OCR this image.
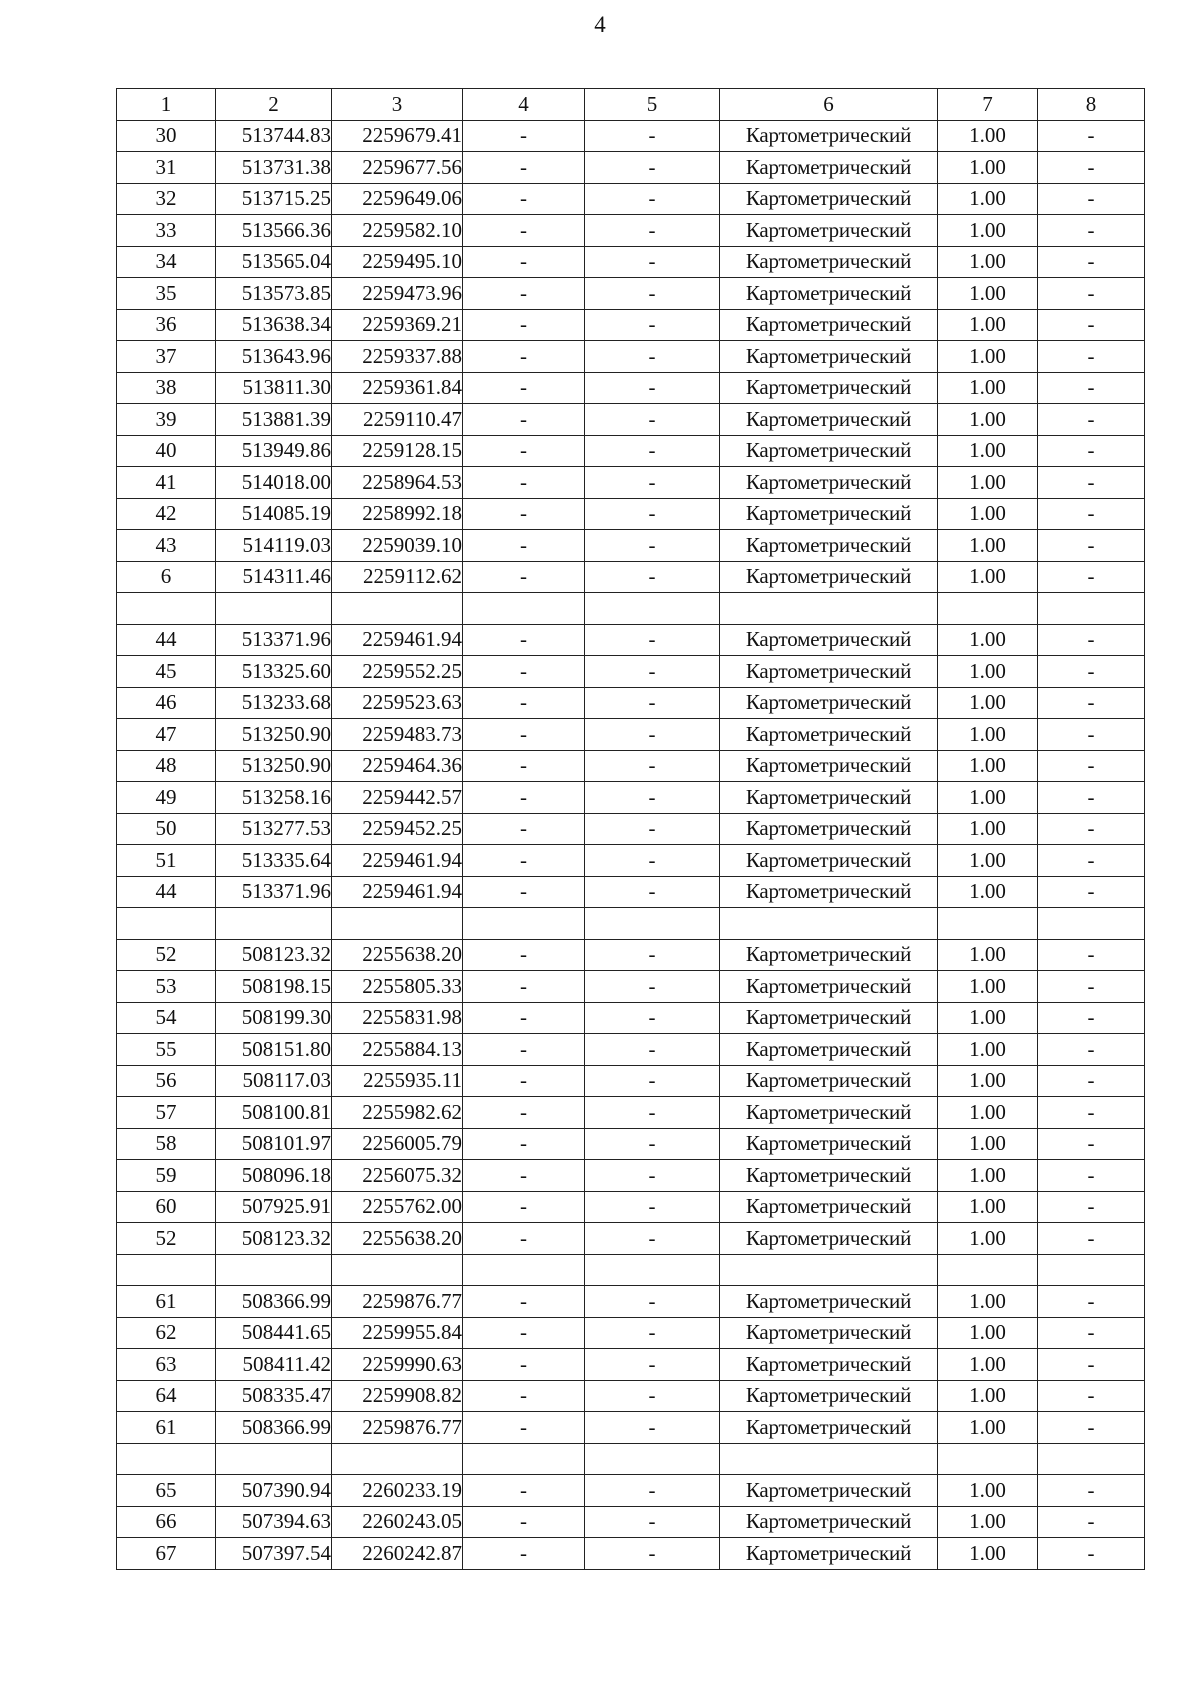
4
1	2	3	4	5	6	7	8
30	513744.83	2259679.41	-	-	Картометрический	1.00	-
31	513731.38	2259677.56	-	-	Картометрический	1.00	-
32	513715.25	2259649.06	-	-	Картометрический	1.00	-
33	513566.36	2259582.10	-	-	Картометрический	1.00	-
34	513565.04	2259495.10	-	-	Картометрический	1.00	-
35	513573.85	2259473.96	-	-	Картометрический	1.00	-
36	513638.34	2259369.21	-	-	Картометрический	1.00	-
37	513643.96	2259337.88	-	-	Картометрический	1.00	-
38	513811.30	2259361.84	-	-	Картометрический	1.00	-
39	513881.39	2259110.47	-	-	Картометрический	1.00	-
40	513949.86	2259128.15	-	-	Картометрический	1.00	-
41	514018.00	2258964.53	-	-	Картометрический	1.00	-
42	514085.19	2258992.18	-	-	Картометрический	1.00	-
43	514119.03	2259039.10	-	-	Картометрический	1.00	-
6	514311.46	2259112.62	-	-	Картометрический	1.00	-

44	513371.96	2259461.94	-	-	Картометрический	1.00	-
45	513325.60	2259552.25	-	-	Картометрический	1.00	-
46	513233.68	2259523.63	-	-	Картометрический	1.00	-
47	513250.90	2259483.73	-	-	Картометрический	1.00	-
48	513250.90	2259464.36	-	-	Картометрический	1.00	-
49	513258.16	2259442.57	-	-	Картометрический	1.00	-
50	513277.53	2259452.25	-	-	Картометрический	1.00	-
51	513335.64	2259461.94	-	-	Картометрический	1.00	-
44	513371.96	2259461.94	-	-	Картометрический	1.00	-

52	508123.32	2255638.20	-	-	Картометрический	1.00	-
53	508198.15	2255805.33	-	-	Картометрический	1.00	-
54	508199.30	2255831.98	-	-	Картометрический	1.00	-
55	508151.80	2255884.13	-	-	Картометрический	1.00	-
56	508117.03	2255935.11	-	-	Картометрический	1.00	-
57	508100.81	2255982.62	-	-	Картометрический	1.00	-
58	508101.97	2256005.79	-	-	Картометрический	1.00	-
59	508096.18	2256075.32	-	-	Картометрический	1.00	-
60	507925.91	2255762.00	-	-	Картометрический	1.00	-
52	508123.32	2255638.20	-	-	Картометрический	1.00	-

61	508366.99	2259876.77	-	-	Картометрический	1.00	-
62	508441.65	2259955.84	-	-	Картометрический	1.00	-
63	508411.42	2259990.63	-	-	Картометрический	1.00	-
64	508335.47	2259908.82	-	-	Картометрический	1.00	-
61	508366.99	2259876.77	-	-	Картометрический	1.00	-

65	507390.94	2260233.19	-	-	Картометрический	1.00	-
66	507394.63	2260243.05	-	-	Картометрический	1.00	-
67	507397.54	2260242.87	-	-	Картометрический	1.00	-
